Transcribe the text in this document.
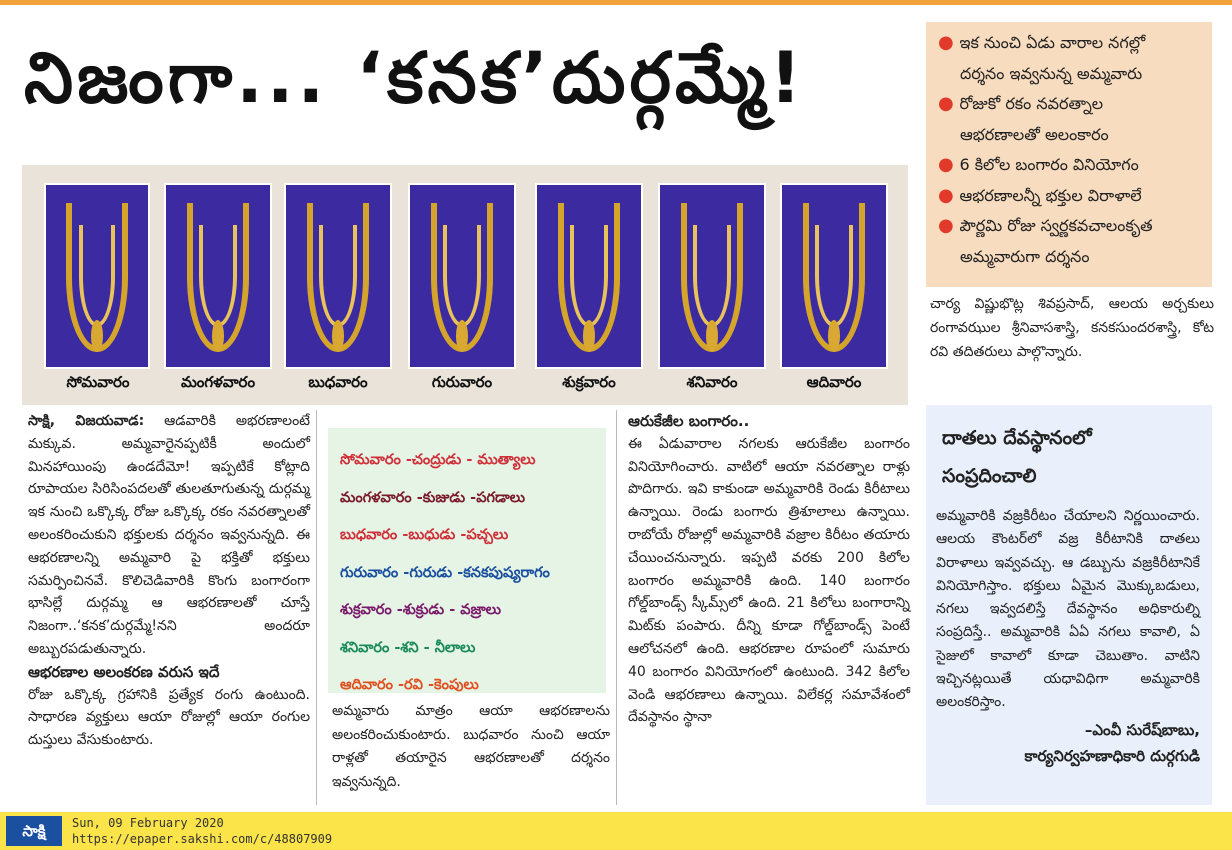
నిజంగా... ‘కనక’దుర్గమ్మే!
సోమవారం	మంగళవారం	బుధవారం	గురువారం	శుక్రవారం	శనివారం	ఆదివారం
● ఇక నుంచి ఏడు వారాల నగల్లో
దర్శనం ఇవ్వనున్న అమ్మవారు
● రోజుకో రకం నవరత్నాల
ఆభరణాలతో అలంకారం
● 6 కిలోల బంగారం వినియోగం
● ఆభరణాలన్నీ భక్తుల విరాళాలే
● పౌర్ణమి రోజు స్వర్ణకవచాలంకృత
అమ్మవారుగా దర్శనం
చార్య విష్ణుభొట్ల శివప్రసాద్, ఆలయ అర్చకులు రంగావఝుల శ్రీనివాసశాస్త్రి, కనకసుందరశాస్త్రి, కోట రవి తదితరులు పాల్గొన్నారు.

సాక్షి, విజయవాడ: ఆడవారికి అభరణాలంటే మక్కువ. అమ్మవారైనప్పటికీ అందులో మినహాయింపు ఉండదేమో! ఇప్పటికే కోట్లాది రూపాయల సిరిసింపదలతో తులతూగుతున్న దుర్గమ్మ ఇక నుంచి ఒక్కొక్క రోజు ఒక్కొక్క రకం నవరత్నాలతో అలంకరించుకుని భక్తులకు దర్శనం ఇవ్వనున్నది. ఈ ఆభరణాలన్ని అమ్మవారి పై భక్తితో భక్తులు సమర్పించినవే. కొలిచెడివారికి కొంగు బంగారంగా భాసిల్లే దుర్గమ్మ ఆ ఆభరణాలతో చూస్తే నిజంగా..‘కనక’దుర్గమ్మే!నని అందరూ అబ్బురపడుతున్నారు.

ఆభరణాల అలంకరణ వరుస ఇదే

రోజు ఒక్కొక్క గ్రహానికి ప్రత్యేక రంగు ఉంటుంది. సాధారణ వ్యక్తులు ఆయా రోజుల్లో ఆయా రంగుల దుస్తులు వేసుకుంటారు.

సోమవారం -చంద్రుడు - ముత్యాలు
మంగళవారం -కుజుడు -పగడాలు
బుధవారం -బుధుడు -పచ్చలు
గురువారం -గురుడు -కనకపుష్యరాగం
శుక్రవారం -శుక్రుడు - వజ్రాలు
శనివారం -శని - నీలాలు
ఆదివారం -రవి -కెంపులు
అమ్మవారు మాత్రం ఆయా ఆభరణాలను అలంకరించుకుంటారు. బుధవారం నుంచి ఆయా రాళ్లతో తయారైన ఆభరణాలతో దర్శనం ఇవ్వనున్నది.

ఆరుకేజీల బంగారం..

ఈ ఏడువారాల నగలకు ఆరుకేజీల బంగారం వినియోగించారు. వాటిలో ఆయా నవరత్నాల రాళ్లు పొదిగారు. ఇవి కాకుండా అమ్మవారికి రెండు కిరీటాలు ఉన్నాయి. రెండు బంగారు త్రిశూలాలు ఉన్నాయి. రాబోయే రోజుల్లో అమ్మవారికి వజ్రాల కిరీటం తయారు చేయించనున్నారు. ఇప్పటి వరకు 200 కిలోల బంగారం అమ్మవారికి ఉంది. 140 బంగారం గోల్డ్‌బాండ్స్ స్కీమ్స్‌లో ఉంది. 21 కిలోలు బంగారాన్ని మిట్‌కు పంపారు. దీన్ని కూడా గోల్డ్‌బాండ్స్ పెంటే ఆలోచనలో ఉంది. ఆభరణాల రూపంలో సుమారు 40 బంగారం వినియోగంలో ఉంటుంది. 342 కిలోల వెండి ఆభరణాలు ఉన్నాయి. విలేకర్ల సమావేశంలో దేవస్థానం స్థానా

దాతలు దేవస్థానంలో
సంప్రదించాలి
అమ్మవారికి వజ్రకిరీటం చేయాలని నిర్ణయించారు. ఆలయ కౌంటర్‌లో వజ్ర కిరీటానికి దాతలు విరాళాలు ఇవ్వవచ్చు. ఆ డబ్బును వజ్రకిరీటానికే వినియోగిస్తాం. భక్తులు ఏమైన మొక్కుబడులు, నగలు ఇవ్వదలిస్తే దేవస్థానం అధికారుల్ని సంప్రదిస్తే.. అమ్మవారికి ఏఏ నగలు కావాలి, ఏ సైజులో కావాలో కూడా చెబుతాం. వాటిని ఇచ్చినట్లయితే యధావిధిగా అమ్మవారికి అలంకరిస్తాం.
–ఎంవీ సురేష్‌బాబు,
కార్యనిర్వహణాధికారి దుర్గగుడి
సాక్షి	Sun, 09 February 2020
https://epaper.sakshi.com/c/48807909
